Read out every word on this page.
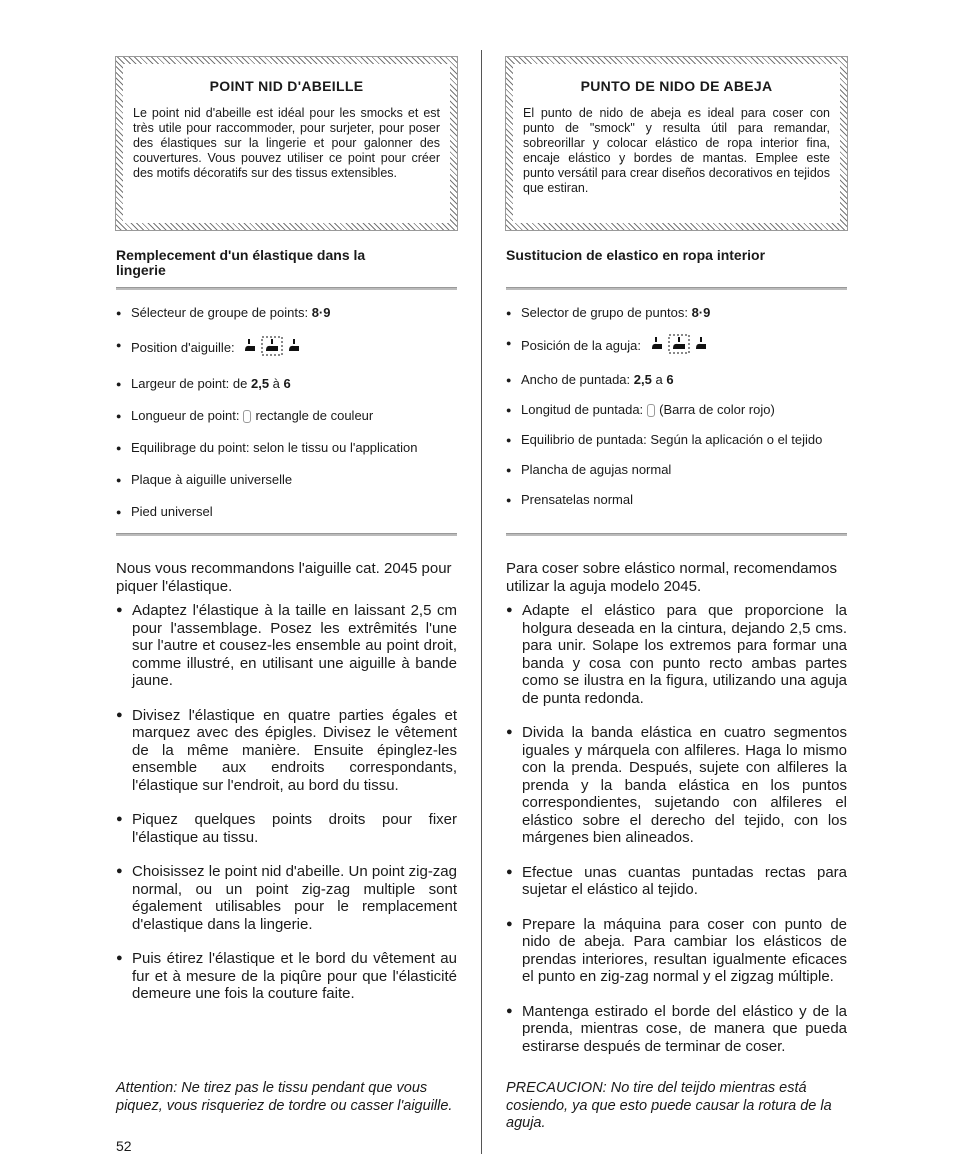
POINT NID D'ABEILLE
Le point nid d'abeille est idéal pour les smocks et est très utile pour raccommoder, pour surjeter, pour poser des élastiques sur la lingerie et pour galonner des couvertures. Vous pouvez utiliser ce point pour créer des motifs décoratifs sur des tissus extensibles.
Remplecement d'un élastique dans la lingerie
● Sélecteur de groupe de points: 8·9
● Position d'aiguille:
● Largeur de point: de 2,5 à 6
● Longueur de point: rectangle de couleur
● Equilibrage du point: selon le tissu ou l'application
● Plaque à aiguille universelle
● Pied universel
Nous vous recommandons l'aiguille cat. 2045 pour piquer l'élastique.
● Adaptez l'élastique à la taille en laissant 2,5 cm pour l'assemblage. Posez les extrêmités l'une sur l'autre et cousez-les ensemble au point droit, comme illustré, en utilisant une aiguille à bande jaune.
● Divisez l'élastique en quatre parties égales et marquez avec des épigles. Divisez le vêtement de la même manière. Ensuite épinglez-les ensemble aux endroits correspondants, l'élastique sur l'endroit, au bord du tissu.
● Piquez quelques points droits pour fixer l'élastique au tissu.
● Choisissez le point nid d'abeille. Un point zig-zag normal, ou un point zig-zag multiple sont également utilisables pour le remplacement d'elastique dans la lingerie.
● Puis étirez l'élastique et le bord du vêtement au fur et à mesure de la piqûre pour que l'élasticité demeure une fois la couture faite.
Attention: Ne tirez pas le tissu pendant que vous piquez, vous risqueriez de tordre ou casser l'aiguille.
52
PUNTO DE NIDO DE ABEJA
El punto de nido de abeja es ideal para coser con punto de "smock" y resulta útil para remandar, sobreorillar y colocar elástico de ropa interior fina, encaje elástico y bordes de mantas. Emplee este punto versátil para crear diseños decorativos en tejidos que estiran.
Sustitucion de elastico en ropa interior
● Selector de grupo de puntos: 8·9
● Posición de la aguja:
● Ancho de puntada: 2,5 a 6
● Longitud de puntada: (Barra de color rojo)
● Equilibrio de puntada: Según la aplicación o el tejido
● Plancha de agujas normal
● Prensatelas normal
Para coser sobre elástico normal, recomendamos utilizar la aguja modelo 2045.
● Adapte el elástico para que proporcione la holgura deseada en la cintura, dejando 2,5 cms. para unir. Solape los extremos para formar una banda y cosa con punto recto ambas partes como se ilustra en la figura, utilizando una aguja de punta redonda.
● Divida la banda elástica en cuatro segmentos iguales y márquela con alfileres. Haga lo mismo con la prenda. Después, sujete con alfileres la prenda y la banda elástica en los puntos correspondientes, sujetando con alfileres el elástico sobre el derecho del tejido, con los márgenes bien alineados.
● Efectue unas cuantas puntadas rectas para sujetar el elástico al tejido.
● Prepare la máquina para coser con punto de nido de abeja. Para cambiar los elásticos de prendas interiores, resultan igualmente eficaces el punto en zig-zag normal y el zigzag múltiple.
● Mantenga estirado el borde del elástico y de la prenda, mientras cose, de manera que pueda estirarse después de terminar de coser.
PRECAUCION: No tire del teijdo mientras está cosiendo, ya que esto puede causar la rotura de la aguja.
